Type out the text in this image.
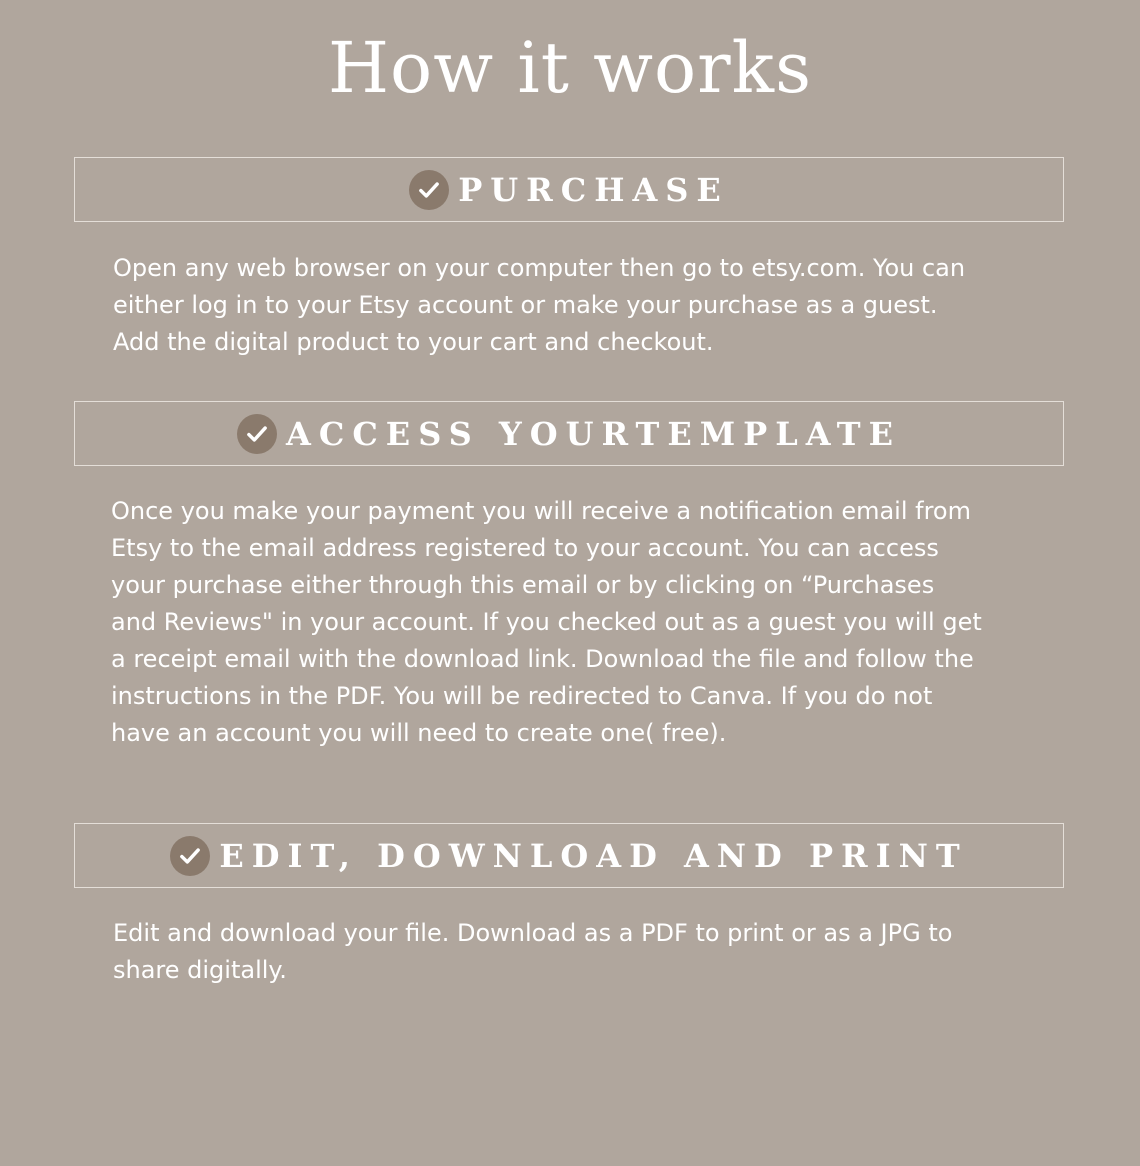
How it works
PURCHASE

Open any web browser on your computer then go to etsy.com. You can
either log in to your Etsy account or make your purchase as a guest.
Add the digital product to your cart and checkout.

ACCESS YOURTEMPLATE

Once you make your payment you will receive a notification email from
Etsy to the email address registered to your account. You can access
your purchase either through this email or by clicking on “Purchases
and Reviews" in your account. If you checked out as a guest you will get
a receipt email with the download link. Download the file and follow the
instructions in the PDF. You will be redirected to Canva. If you do not
have an account you will need to create one( free).

EDIT, DOWNLOAD AND PRINT

Edit and download your file. Download as a PDF to print or as a JPG to
share digitally.
